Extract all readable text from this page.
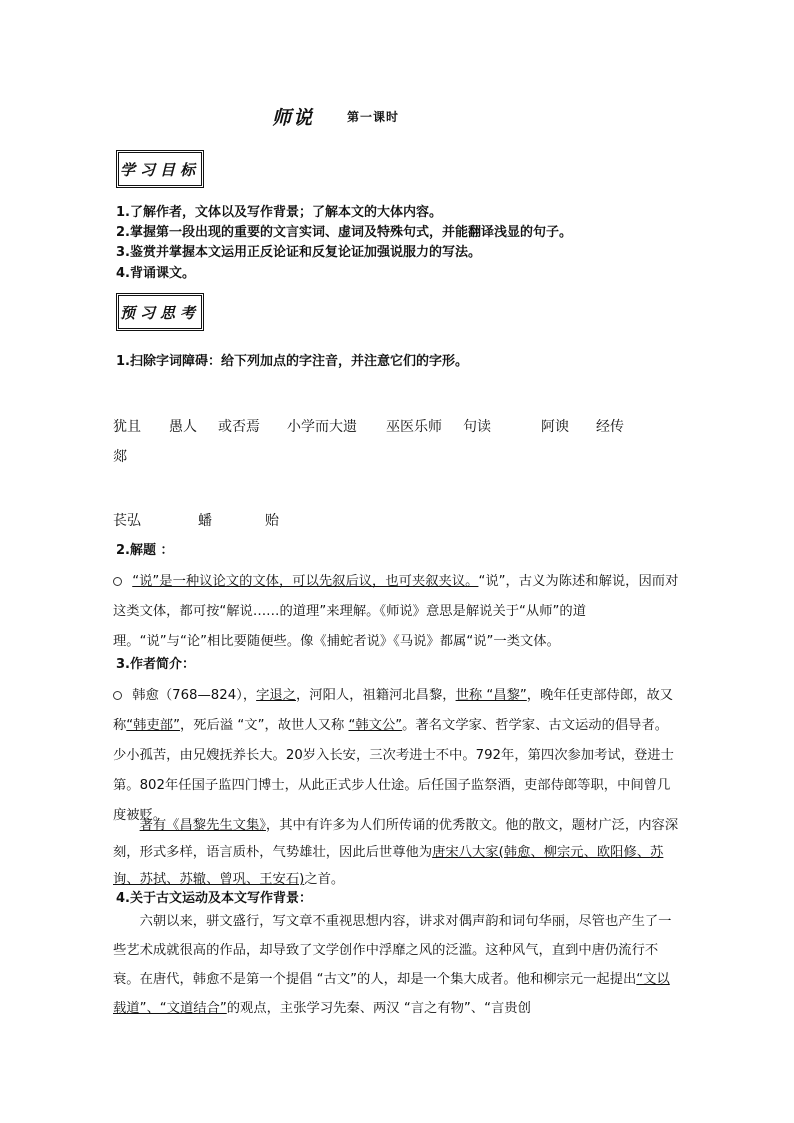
师说	第一课时
学习目标
1.了解作者，文体以及写作背景；了解本文的大体内容。
2.掌握第一段出现的重要的文言实词、虚词及特殊句式，并能翻译浅显的句子。
3.鉴赏并掌握本文运用正反论证和反复论证加强说服力的写法。
4.背诵课文。
预习思考
1.扫除字词障碍：给下列加点的字注音，并注意它们的字形。
犹且 愚人 或否焉 小学而大遗 巫医乐师 句读	阿谀 经传
郯
苌弘	蟠	贻
2.解题 ：
“说”是一种议论文的文体，可以先叙后议，也可夹叙夹议。“说”，古义为陈述和解说，因而对这类文体，都可按“解说……的道理”来理解。《师说》意思是解说关于“从师”的道理。“说”与“论”相比要随便些。像《捕蛇者说》《马说》都属“说”一类文体。
3.作者简介：
韩愈（768—824），字退之，河阳人，祖籍河北昌黎，世称 “昌黎”，晚年任吏部侍郎，故又称“韩吏部”，死后溢 “文”，故世人又称 “韩文公”。著名文学家、哲学家、古文运动的倡导者。少小孤苦，由兄嫂抚养长大。20岁入长安，三次考进士不中。792年，第四次参加考试，登进士第。802年任国子监四门博士，从此正式步人仕途。后任国子监祭酒，吏部侍郎等职，中间曾几度被贬。
著有《昌黎先生文集》，其中有许多为人们所传诵的优秀散文。他的散文，题材广泛，内容深刻，形式多样，语言质朴，气势雄壮，因此后世尊他为唐宋八大家(韩愈、柳宗元、欧阳修、苏询、苏拭、苏辙、曾巩、王安石)之首。
4.关于古文运动及本文写作背景：
六朝以来，骈文盛行，写文章不重视思想内容，讲求对偶声韵和词句华丽，尽管也产生了一些艺术成就很高的作品，却导致了文学创作中浮靡之风的泛滥。这种风气，直到中唐仍流行不衰。在唐代，韩愈不是第一个提倡 “古文”的人，却是一个集大成者。他和柳宗元一起提出“文以载道”、“文道结合”的观点，主张学习先秦、两汉 “言之有物”、“言贵创
